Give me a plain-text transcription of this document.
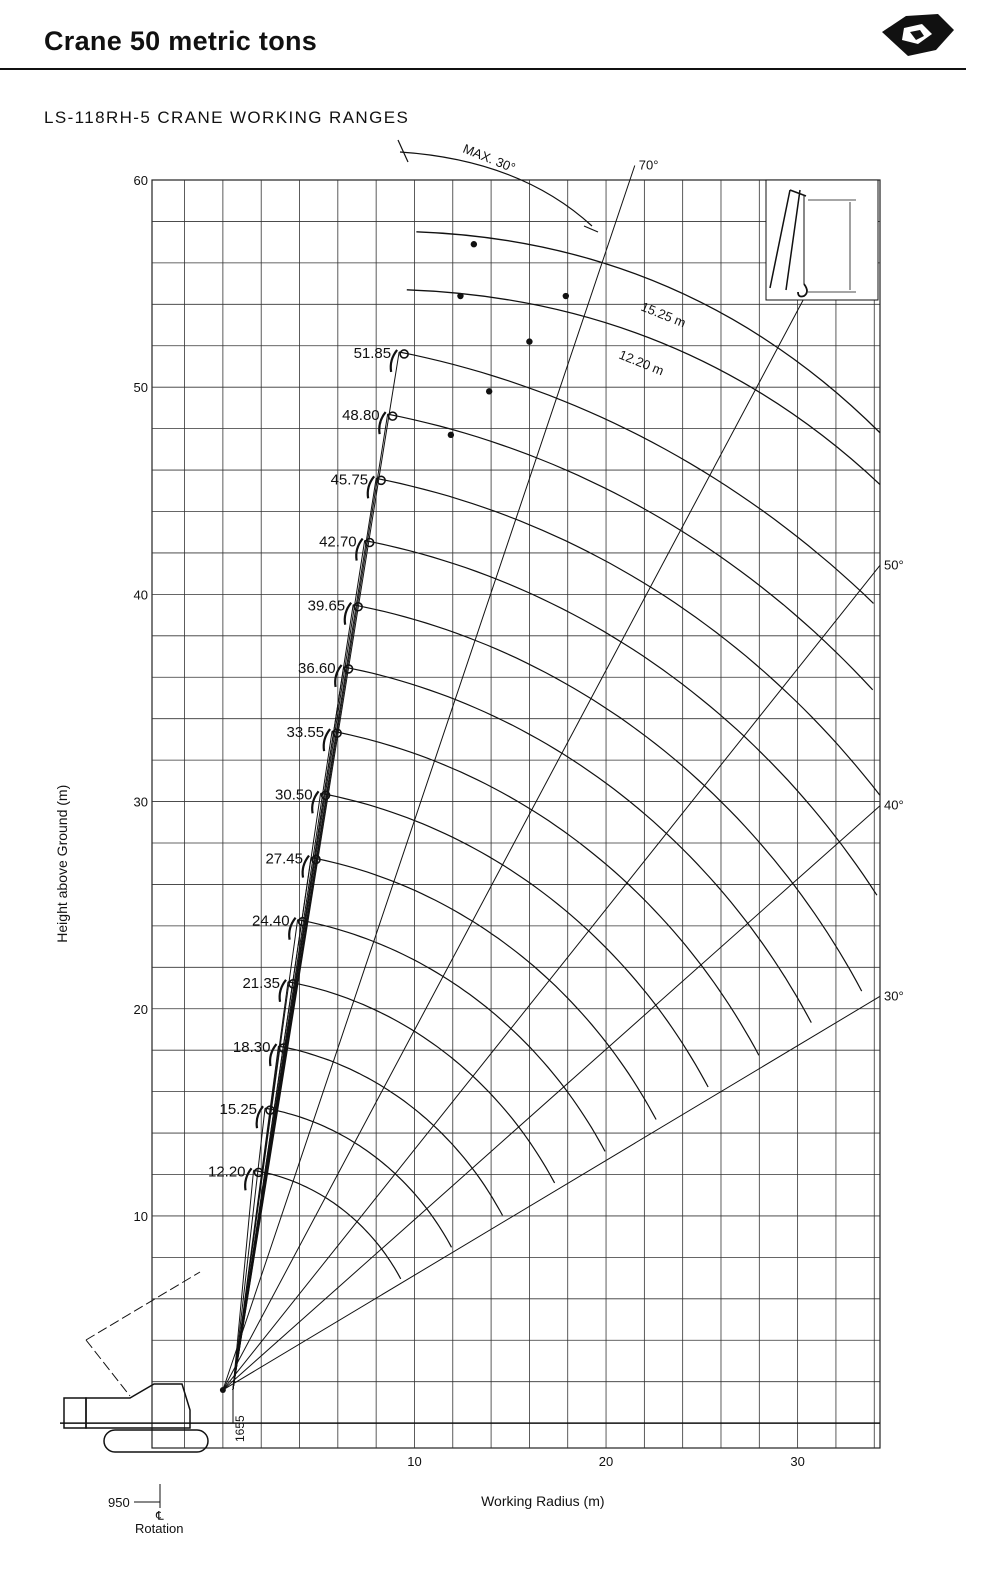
Crane 50 metric tons
LS-118RH-5 CRANE WORKING RANGES
10	20	30
10
20
30
40
50
60
Working Radius (m)
Height above Ground (m)
70°
50°
40°
30°
12.20
15.25
18.30
21.35
24.40
27.45
30.50
33.55
36.60
39.65
42.70
45.75
48.80
51.85
15.25 m
12.20 m
MAX. 30°
1655
950
℄
Rotation
